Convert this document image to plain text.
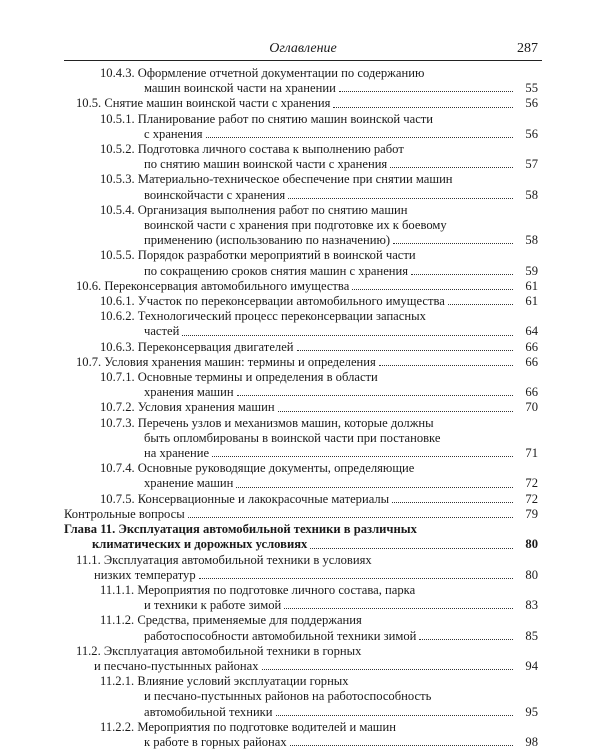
Оглавление	287
10.4.3. Оформление отчетной документации по содержанию
машин воинской части на хранении	55
10.5. Снятие машин воинской части с хранения	56
10.5.1. Планирование работ по снятию машин воинской части
с хранения	56
10.5.2. Подготовка личного состава к выполнению работ
по снятию машин воинской части с хранения	57
10.5.3. Материально-техническое обеспечение при снятии машин
воинскойчасти с хранения	58
10.5.4. Организация выполнения работ по снятию машин
воинской части с хранения при подготовке их к боевому
применению (использованию по назначению)	58
10.5.5. Порядок разработки мероприятий в воинской части
по сокращению сроков снятия машин с хранения	59
10.6. Переконсервация автомобильного имущества	61
10.6.1. Участок по переконсервации автомобильного имущества	61
10.6.2. Технологический процесс переконсервации запасных
частей	64
10.6.3. Переконсервация двигателей	66
10.7. Условия хранения машин: термины и определения	66
10.7.1. Основные термины и определения в области
хранения машин	66
10.7.2. Условия хранения машин	70
10.7.3. Перечень узлов и механизмов машин, которые должны
быть опломбированы в воинской части при постановке
на хранение	71
10.7.4. Основные руководящие документы, определяющие
хранение машин	72
10.7.5. Консервационные и лакокрасочные материалы	72
Контрольные вопросы	79
Глава 11. Эксплуатация автомобильной техники в различных
климатических и дорожных условиях	80
11.1. Эксплуатация автомобильной техники в условиях
низких температур	80
11.1.1. Мероприятия по подготовке личного состава, парка
и техники к работе зимой	83
11.1.2. Средства, применяемые для поддержания
работоспособности автомобильной техники зимой	85
11.2. Эксплуатация автомобильной техники в горных
и песчано-пустынных районах	94
11.2.1. Влияние условий эксплуатации горных
и песчано-пустынных районов на работоспособность
автомобильной техники	95
11.2.2. Мероприятия по подготовке водителей и машин
к работе в горных районах	98
